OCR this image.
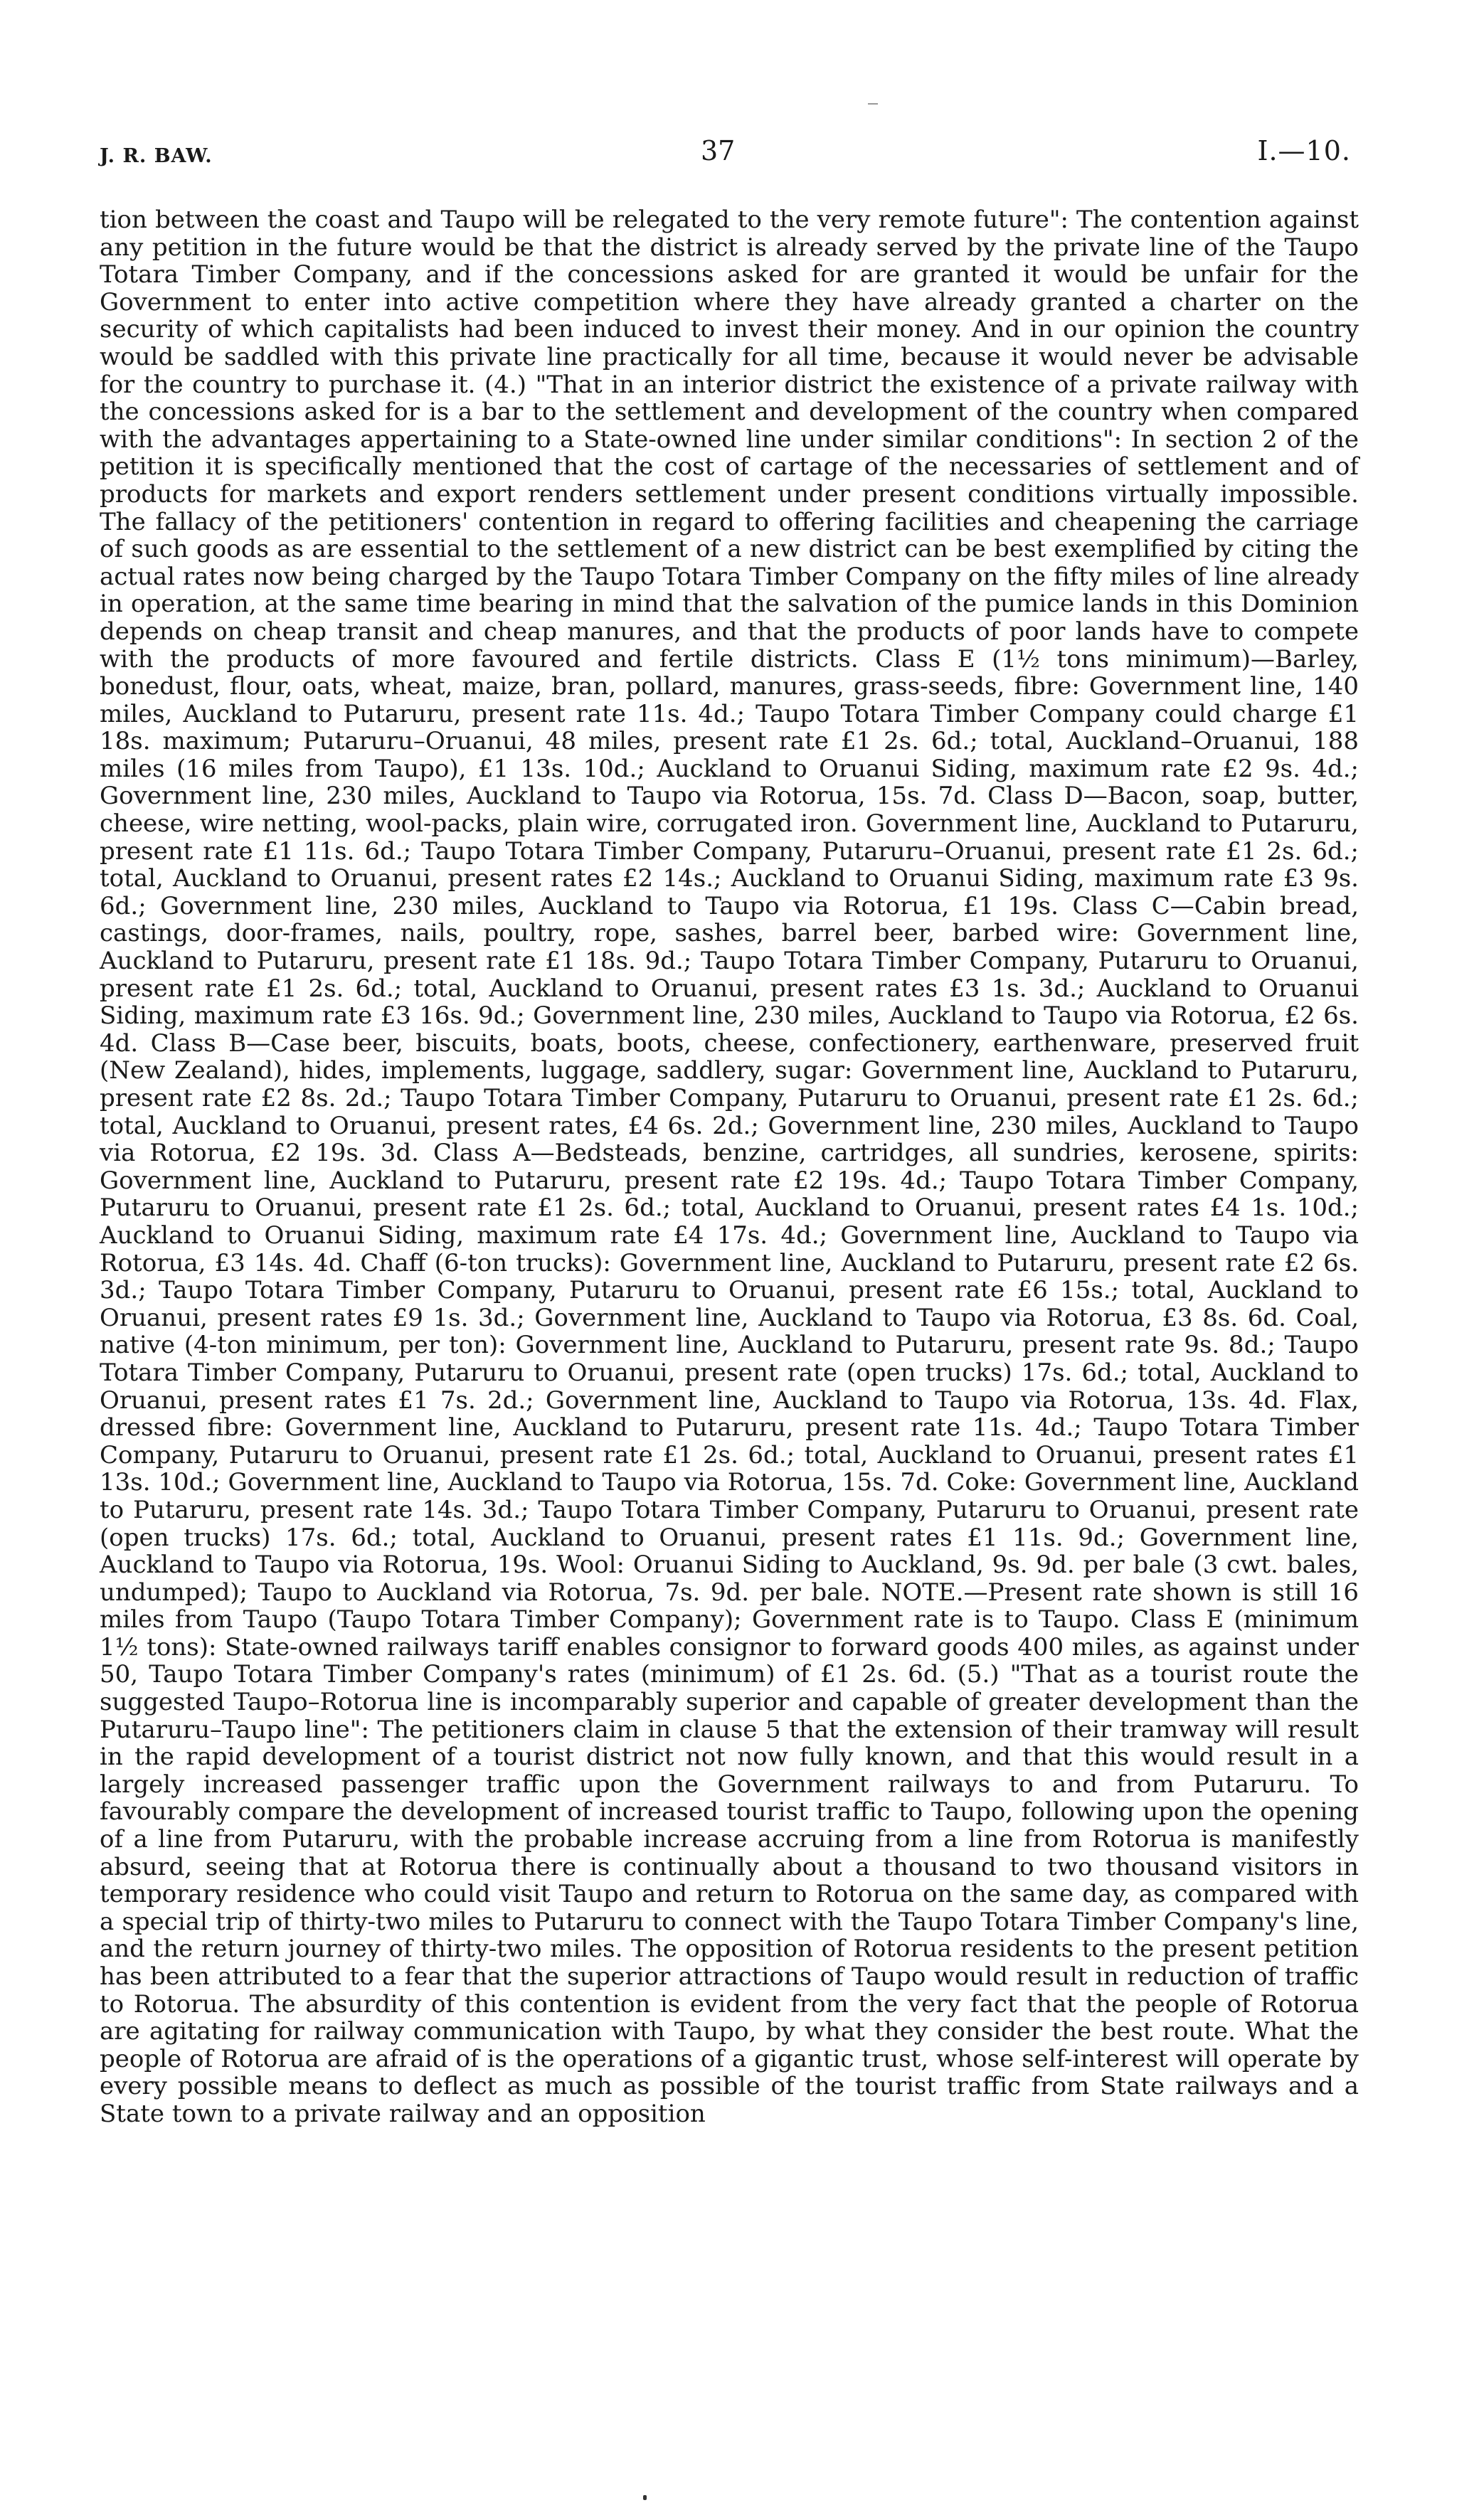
J. R. BAW.	37	I.—10.
tion between the coast and Taupo will be relegated to the very remote future": The contention against any petition in the future would be that the district is already served by the private line of the Taupo Totara Timber Company, and if the concessions asked for are granted it would be unfair for the Government to enter into active competition where they have already granted a charter on the security of which capitalists had been induced to invest their money. And in our opinion the country would be saddled with this private line practically for all time, because it would never be advisable for the country to purchase it. (4.) "That in an interior district the existence of a private railway with the concessions asked for is a bar to the settlement and development of the country when compared with the advantages appertaining to a State-owned line under similar conditions": In section 2 of the petition it is specifically mentioned that the cost of cartage of the necessaries of settlement and of products for markets and export renders settlement under present conditions virtually impossible. The fallacy of the petitioners' contention in regard to offering facilities and cheapening the carriage of such goods as are essential to the settlement of a new district can be best exemplified by citing the actual rates now being charged by the Taupo Totara Timber Company on the fifty miles of line already in operation, at the same time bearing in mind that the salvation of the pumice lands in this Dominion depends on cheap transit and cheap manures, and that the products of poor lands have to compete with the products of more favoured and fertile districts. Class E (1½ tons minimum)—Barley, bonedust, flour, oats, wheat, maize, bran, pollard, manures, grass-seeds, fibre: Government line, 140 miles, Auckland to Putaruru, present rate 11s. 4d.; Taupo Totara Timber Company could charge £1 18s. maximum; Putaruru–Oruanui, 48 miles, present rate £1 2s. 6d.; total, Auckland–Oruanui, 188 miles (16 miles from Taupo), £1 13s. 10d.; Auckland to Oruanui Siding, maximum rate £2 9s. 4d.; Government line, 230 miles, Auckland to Taupo via Rotorua, 15s. 7d. Class D—Bacon, soap, butter, cheese, wire netting, wool-packs, plain wire, corrugated iron. Government line, Auckland to Putaruru, present rate £1 11s. 6d.; Taupo Totara Timber Company, Putaruru–Oruanui, present rate £1 2s. 6d.; total, Auckland to Oruanui, present rates £2 14s.; Auckland to Oruanui Siding, maximum rate £3 9s. 6d.; Government line, 230 miles, Auckland to Taupo via Rotorua, £1 19s. Class C—Cabin bread, castings, door-frames, nails, poultry, rope, sashes, barrel beer, barbed wire: Government line, Auckland to Putaruru, present rate £1 18s. 9d.; Taupo Totara Timber Company, Putaruru to Oruanui, present rate £1 2s. 6d.; total, Auckland to Oruanui, present rates £3 1s. 3d.; Auckland to Oruanui Siding, maximum rate £3 16s. 9d.; Government line, 230 miles, Auckland to Taupo via Rotorua, £2 6s. 4d. Class B—Case beer, biscuits, boats, boots, cheese, confectionery, earthenware, preserved fruit (New Zealand), hides, implements, luggage, saddlery, sugar: Government line, Auckland to Putaruru, present rate £2 8s. 2d.; Taupo Totara Timber Company, Putaruru to Oruanui, present rate £1 2s. 6d.; total, Auckland to Oruanui, present rates, £4 6s. 2d.; Government line, 230 miles, Auckland to Taupo via Rotorua, £2 19s. 3d. Class A—Bedsteads, benzine, cartridges, all sundries, kerosene, spirits: Government line, Auckland to Putaruru, present rate £2 19s. 4d.; Taupo Totara Timber Company, Putaruru to Oruanui, present rate £1 2s. 6d.; total, Auckland to Oruanui, present rates £4 1s. 10d.; Auckland to Oruanui Siding, maximum rate £4 17s. 4d.; Government line, Auckland to Taupo via Rotorua, £3 14s. 4d. Chaff (6-ton trucks): Government line, Auckland to Putaruru, present rate £2 6s. 3d.; Taupo Totara Timber Company, Putaruru to Oruanui, present rate £6 15s.; total, Auckland to Oruanui, present rates £9 1s. 3d.; Government line, Auckland to Taupo via Rotorua, £3 8s. 6d. Coal, native (4-ton minimum, per ton): Government line, Auckland to Putaruru, present rate 9s. 8d.; Taupo Totara Timber Company, Putaruru to Oruanui, present rate (open trucks) 17s. 6d.; total, Auckland to Oruanui, present rates £1 7s. 2d.; Government line, Auckland to Taupo via Rotorua, 13s. 4d. Flax, dressed fibre: Government line, Auckland to Putaruru, present rate 11s. 4d.; Taupo Totara Timber Company, Putaruru to Oruanui, present rate £1 2s. 6d.; total, Auckland to Oruanui, present rates £1 13s. 10d.; Government line, Auckland to Taupo via Rotorua, 15s. 7d. Coke: Government line, Auckland to Putaruru, present rate 14s. 3d.; Taupo Totara Timber Company, Putaruru to Oruanui, present rate (open trucks) 17s. 6d.; total, Auckland to Oruanui, present rates £1 11s. 9d.; Government line, Auckland to Taupo via Rotorua, 19s. Wool: Oruanui Siding to Auckland, 9s. 9d. per bale (3 cwt. bales, undumped); Taupo to Auckland via Rotorua, 7s. 9d. per bale. NOTE.—Present rate shown is still 16 miles from Taupo (Taupo Totara Timber Company); Government rate is to Taupo. Class E (minimum 1½ tons): State-owned railways tariff enables consignor to forward goods 400 miles, as against under 50, Taupo Totara Timber Company's rates (minimum) of £1 2s. 6d. (5.) "That as a tourist route the suggested Taupo–Rotorua line is incomparably superior and capable of greater development than the Putaruru–Taupo line": The petitioners claim in clause 5 that the extension of their tramway will result in the rapid development of a tourist district not now fully known, and that this would result in a largely increased passenger traffic upon the Government railways to and from Putaruru. To favourably compare the development of increased tourist traffic to Taupo, following upon the opening of a line from Putaruru, with the probable increase accruing from a line from Rotorua is manifestly absurd, seeing that at Rotorua there is continually about a thousand to two thousand visitors in temporary residence who could visit Taupo and return to Rotorua on the same day, as compared with a special trip of thirty-two miles to Putaruru to connect with the Taupo Totara Timber Company's line, and the return journey of thirty-two miles. The opposition of Rotorua residents to the present petition has been attributed to a fear that the superior attractions of Taupo would result in reduction of traffic to Rotorua. The absurdity of this contention is evident from the very fact that the people of Rotorua are agitating for railway communication with Taupo, by what they consider the best route. What the people of Rotorua are afraid of is the operations of a gigantic trust, whose self-interest will operate by every possible means to deflect as much as possible of the tourist traffic from State railways and a State town to a private railway and an opposition
